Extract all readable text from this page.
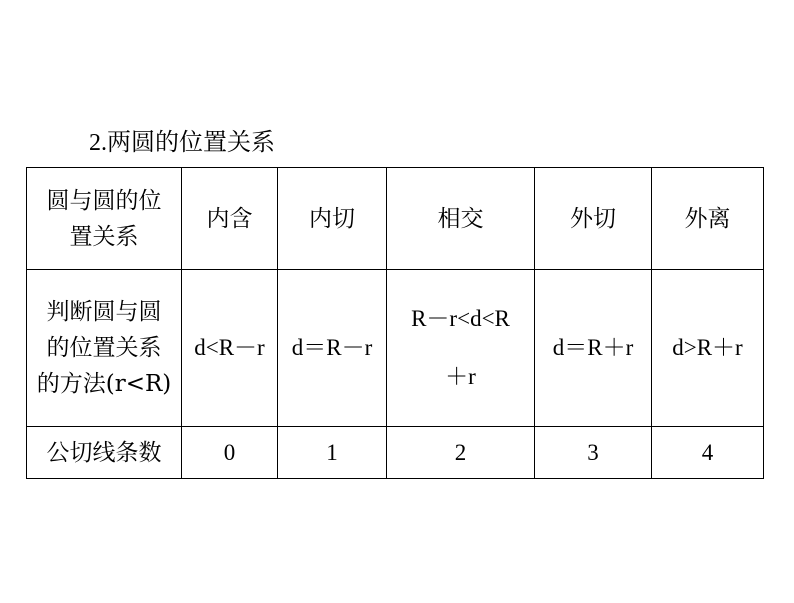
2.两圆的位置关系
圆与圆的位
置关系	内含	内切	相交	外切	外离
判断圆与圆
的位置关系
的方法(r<R)	d<R－r	d＝R－r	R－r<d<R＋r	d＝R＋r	d>R＋r
公切线条数	0	1	2	3	4
